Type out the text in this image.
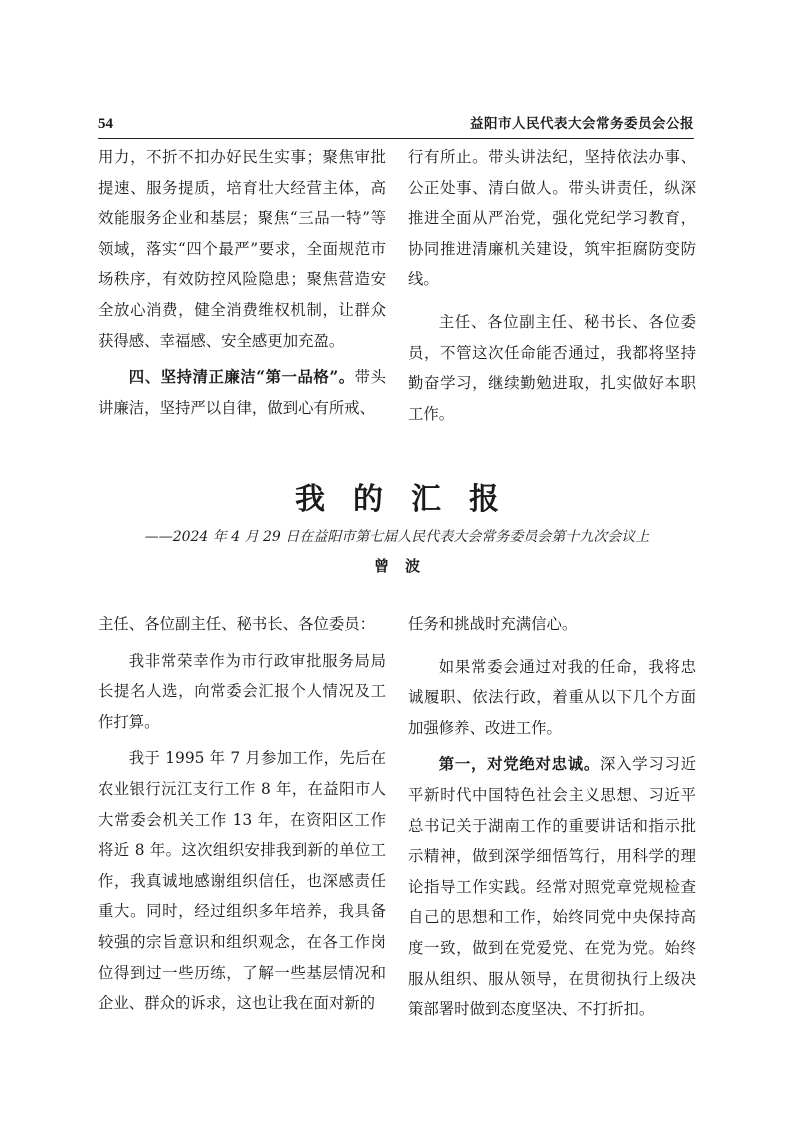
54	益阳市人民代表大会常务委员会公报

用力，不折不扣办好民生实事；聚焦审批提速、服务提质，培育壮大经营主体，高效能服务企业和基层；聚焦“三品一特”等领域，落实“四个最严”要求，全面规范市场秩序，有效防控风险隐患；聚焦营造安全放心消费，健全消费维权机制，让群众获得感、幸福感、安全感更加充盈。

四、坚持清正廉洁“第一品格”。带头讲廉洁，坚持严以自律，做到心有所戒、

行有所止。带头讲法纪，坚持依法办事、公正处事、清白做人。带头讲责任，纵深推进全面从严治党，强化党纪学习教育，协同推进清廉机关建设，筑牢拒腐防变防线。

主任、各位副主任、秘书长、各位委员，不管这次任命能否通过，我都将坚持勤奋学习，继续勤勉进取，扎实做好本职工作。

我的汇报
——2024 年 4 月 29 日在益阳市第七届人民代表大会常务委员会第十九次会议上
曾波

主任、各位副主任、秘书长、各位委员：

我非常荣幸作为市行政审批服务局局长提名人选，向常委会汇报个人情况及工作打算。

我于 1995 年 7 月参加工作，先后在农业银行沅江支行工作 8 年，在益阳市人大常委会机关工作 13 年，在资阳区工作将近 8 年。这次组织安排我到新的单位工作，我真诚地感谢组织信任，也深感责任重大。同时，经过组织多年培养，我具备较强的宗旨意识和组织观念，在各工作岗位得到过一些历练，了解一些基层情况和企业、群众的诉求，这也让我在面对新的

任务和挑战时充满信心。

如果常委会通过对我的任命，我将忠诚履职、依法行政，着重从以下几个方面加强修养、改进工作。

第一，对党绝对忠诚。深入学习习近平新时代中国特色社会主义思想、习近平总书记关于湖南工作的重要讲话和指示批示精神，做到深学细悟笃行，用科学的理论指导工作实践。经常对照党章党规检查自己的思想和工作，始终同党中央保持高度一致，做到在党爱党、在党为党。始终服从组织、服从领导，在贯彻执行上级决策部署时做到态度坚决、不打折扣。
